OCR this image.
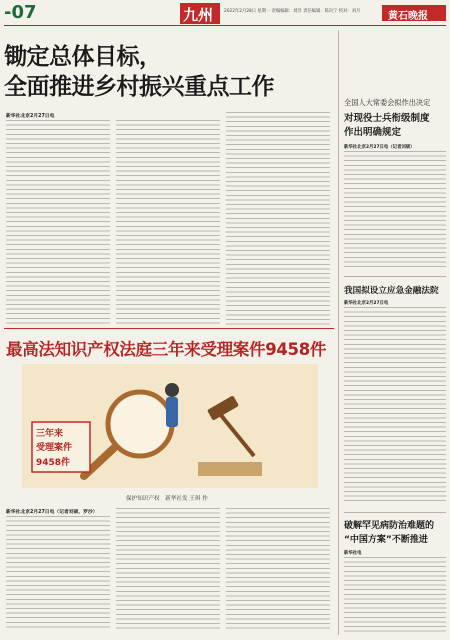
-07	九州	2022年2月28日 星期一 责编编辑：刘洋 责任编辑：陈向宁 校对：刘月	黄石晚报
锄定总体目标，
全面推进乡村振兴重点工作
新华社北京2月27日电
最高法知识产权法庭三年来受理案件9458件
三年来
受理案件
9458件
保护知识产权　新华社发 王琪 作
新华社北京2月27日电（记者刘硕、罗沙）
全国人大常委会拟作出决定
对现役士兵衔级制度
作出明确规定
新华社北京2月27日电（记者刘硕）
我国拟设立应急金融法院
新华社北京2月27日电
破解罕见病防治难题的
“中国方案”不断推进
新华社电
